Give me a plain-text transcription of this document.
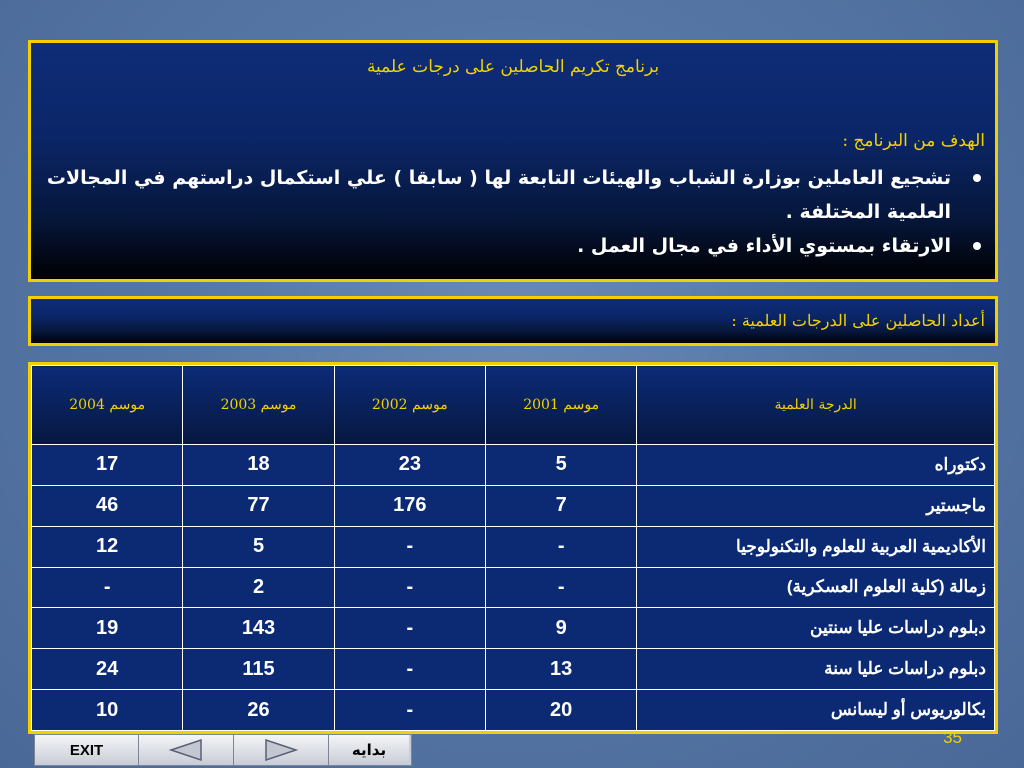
برنامج تكريم الحاصلين على درجات علمية
الهدف من البرنامج :
تشجيع العاملين بوزارة الشباب والهيئات التابعة لها ( سابقا ) علي استكمال دراستهم في المجالات العلمية المختلفة .
الارتقاء بمستوي الأداء في مجال العمل .
أعداد الحاصلين على الدرجات العلمية :
الدرجة العلمية	موسم 2001	موسم 2002	موسم 2003	موسم 2004
دكتوراه	5	23	18	17
ماجستير	7	176	77	46
الأكاديمية العربية للعلوم والتكنولوجيا	-	-	5	12
زمالة (كلية العلوم العسكرية)	-	-	2	-
دبلوم دراسات عليا سنتين	9	-	143	19
دبلوم دراسات عليا سنة	13	-	115	24
بكالوريوس أو ليسانس	20	-	26	10
EXIT	بدايه
35
